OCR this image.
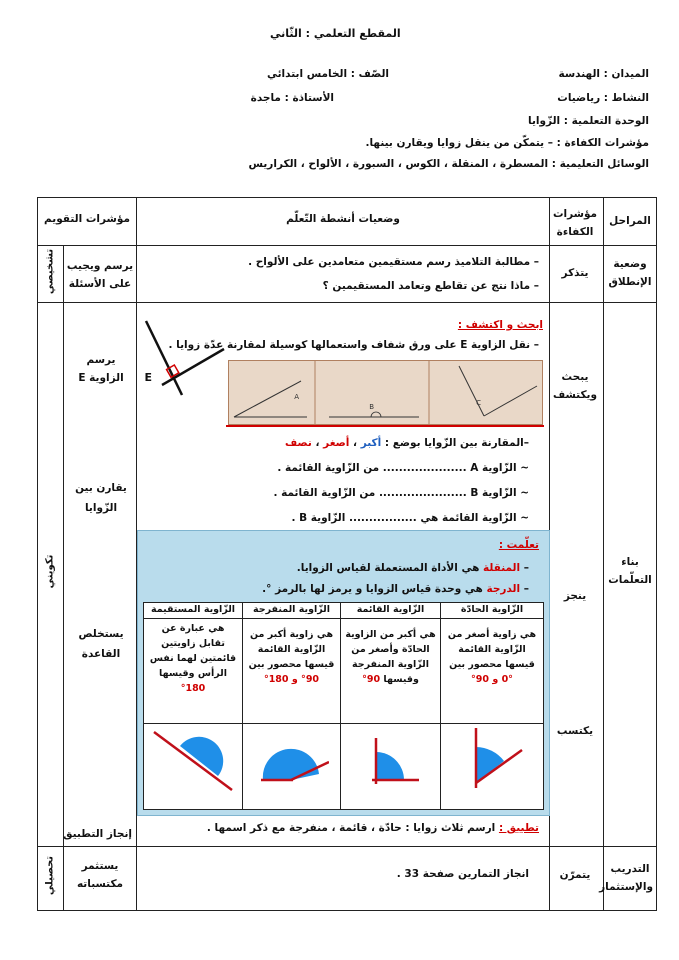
المقطع التعلمي : الثّاني
الميدان : الهندسة
الصّف : الخامس ابتدائي
النشاط : رياضيات
الأستاذة : ماجدة
الوحدة التعلمية : الزّوايا
مؤشرات الكفاءة : – يتمكّن من ينقل زوايا ويقارن بينها.
الوسائل التعليمية : المسطرة ، المنقلة ، الكوس ، السبورة ، الألواح ، الكراريس
المراحل
مؤشرات الكفاءة
وضعيات أنشطة التّعلّم
مؤشرات التقويم
وضعية الإنطلاق
يتذكر
– مطالبة التلاميذ رسم مستقيمين متعامدين على الألواح .
– ماذا نتج عن تقاطع وتعامد المستقيمين ؟
يرسم ويجيب على الأسئلة
تشخيصي
بناء التعلّمات
يبحث ويكتشف
ينجز
يكتسب
تكويني
يرسم الزاوية E
يقارن بين الزّوايا
يستخلص القاعدة
إنجاز التطبيق
ابحث و اكتشف :
– نقل الزاوية E على ورق شفاف واستعمالها كوسيلة لمقارنة عدّة زوايا .
E
A
B	C
–المقارنة بين الزّوايا بوضع : أكبر ، أصغر ، نصف
~ الزّاوية A ..................... من الزّاوية القائمة .
~ الزّاوية B ...................... من الزّاوية القائمة .
~ الزّاوية القائمة هي ................. الزّاوية B .
تعلّمت :
– المنقلة هي الأداة المستعملة لقياس الزوايا.
– الدرجة هي وحدة قياس الزوايا و يرمز لها بالرمز °.
الزّاوية الحادّة
الزّاوية القائمة
الزّاوية المنفرجة
الزّاوية المستقيمة
هي زاوية أصغر من الزّاوية القائمة قيسها محصور بين
0° و 90°
هي أكبر من الزاوية الحادّة وأصغر من الزّاوية المنفرجة وقيسها 90°
هي زاوية أكبر من الزّاوية القائمة قيسها محصور بين 90° و 180°
هي عبارة عن تقابل زاويتين قائمتين لهما نفس الرأس وقيسها 180°
تطبيق : ارسم ثلاث زوايا : حادّة ، قائمة ، منفرجة مع ذكر اسمها .
التدريب والإستثمار
يتمرّن
انجاز التمارين صفحة 33 .
يستثمر مكتسباته
تحصيلي
